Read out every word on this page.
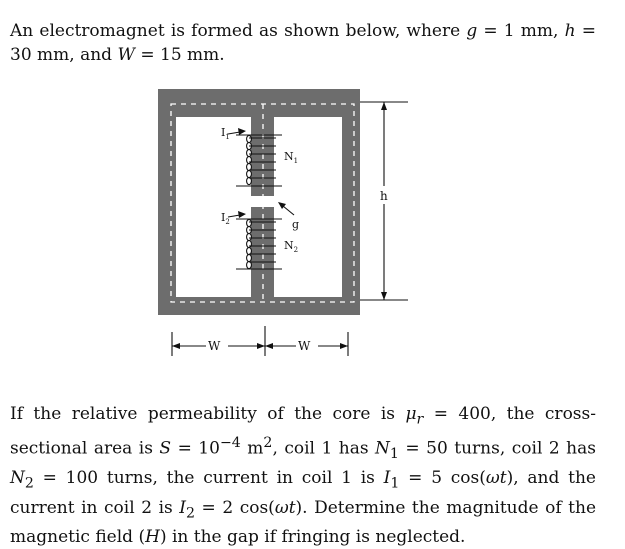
An electromagnet is formed as shown below, where g = 1 mm, h = 30 mm, and W = 15 mm.

$I_1$
$N_1$
$I_2$	g
$N_2$
h
W	W

If the relative permeability of the core is $\mu_r = 400$, the cross-sectional area is $S = 10^{-4}$ $m^2$, coil 1 has $N_1 = 50$ turns, coil 2 has $N_2 = 100$ turns, the current in coil 1 is $I_1 = 5$ cos(ωt), and the current in coil 2 is $I_2 = 2$ cos(ωt). Determine the magnitude of the magnetic field (H) in the gap if fringing is neglected.
